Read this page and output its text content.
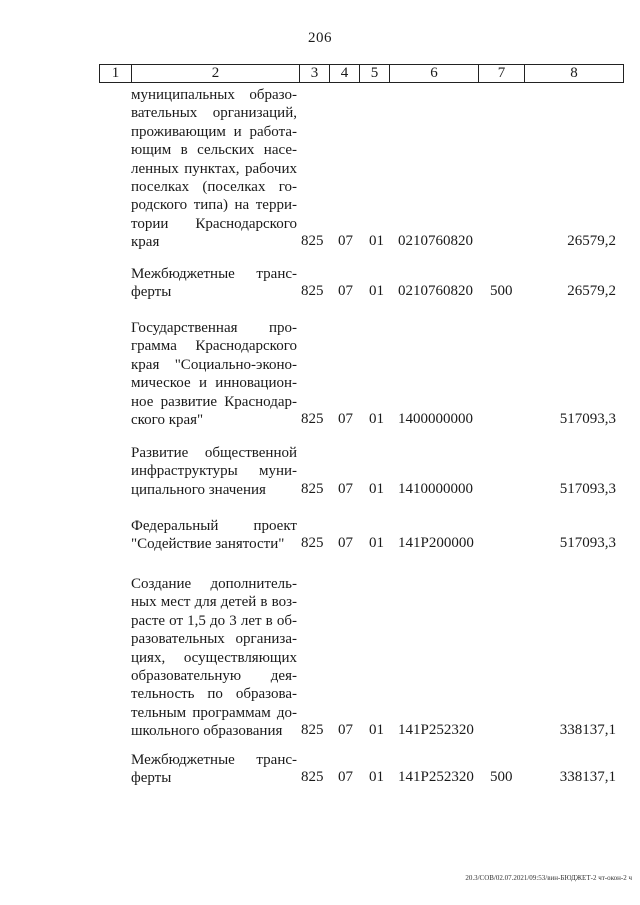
206
1	2	3	4	5	6	7	8
муниципальных образо-
вательных организаций,
проживающим и работа-
ющим в сельских насе-
ленных пунктах, рабочих
поселках (поселках го-
родского типа) на терри-
тории Краснодарского
края	825 07 01 0210760820	26579,2
Межбюджетные транс-
ферты	825 07 01 0210760820 500	26579,2
Государственная про-
грамма Краснодарского
края "Социально-эконо-
мическое и инновацион-
ное развитие Краснодар-
ского края"	825 07 01 1400000000	517093,3
Развитие общественной
инфраструктуры муни-
ципального значения	825 07 01 1410000000	517093,3
Федеральный проект
"Содействие занятости"	825 07 01 141P200000	517093,3
Создание дополнитель-
ных мест для детей в воз-
расте от 1,5 до 3 лет в об-
разовательных организа-
циях, осуществляющих
образовательную дея-
тельность по образова-
тельным программам до-
школьного образования	825 07 01 141P252320	338137,1
Межбюджетные транс-
ферты	825 07 01 141P252320 500	338137,1
20.3/СОВ/02.07.2021/09:53/вин-БЮДЖЕТ-2 чт-окон-2 ч
